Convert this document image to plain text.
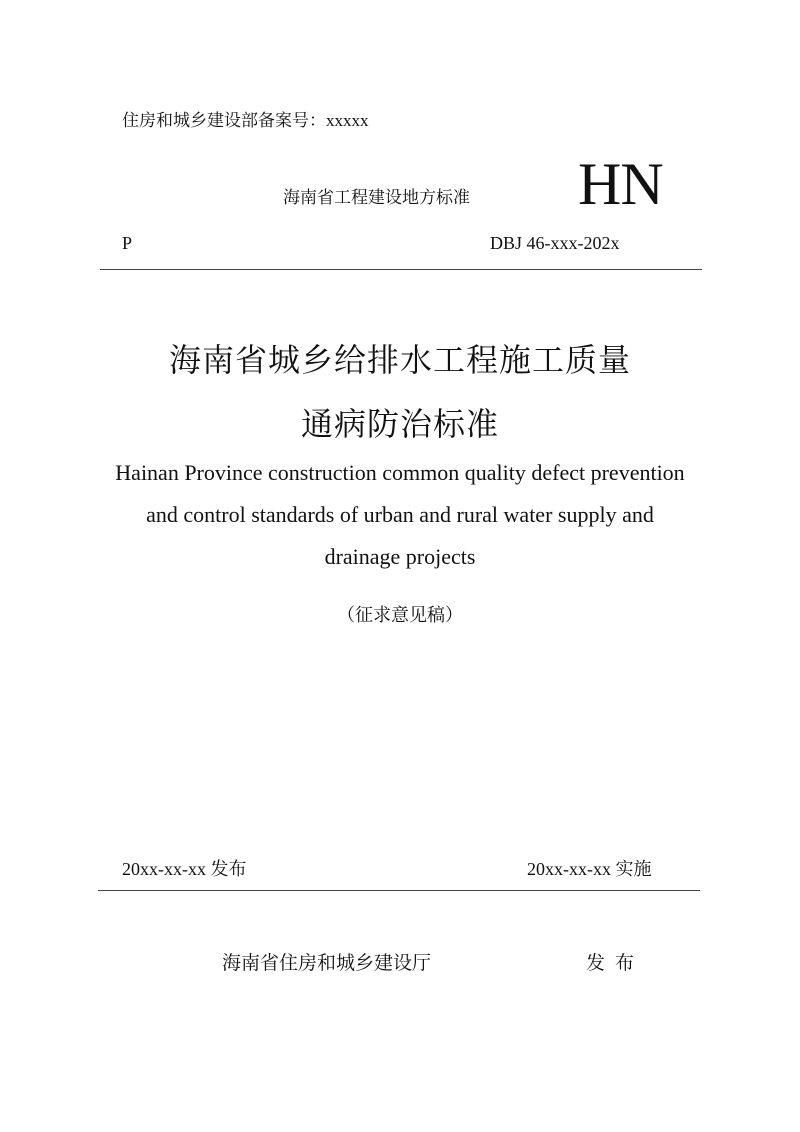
住房和城乡建设部备案号：xxxxx
海南省工程建设地方标准 HN
P	DBJ 46-xxx-202x
海南省城乡给排水工程施工质量
通病防治标准
Hainan Province construction common quality defect prevention and control standards of urban and rural water supply and drainage projects
（征求意见稿）
20xx-xx-xx 发布	20xx-xx-xx 实施
海南省住房和城乡建设厅	发布
